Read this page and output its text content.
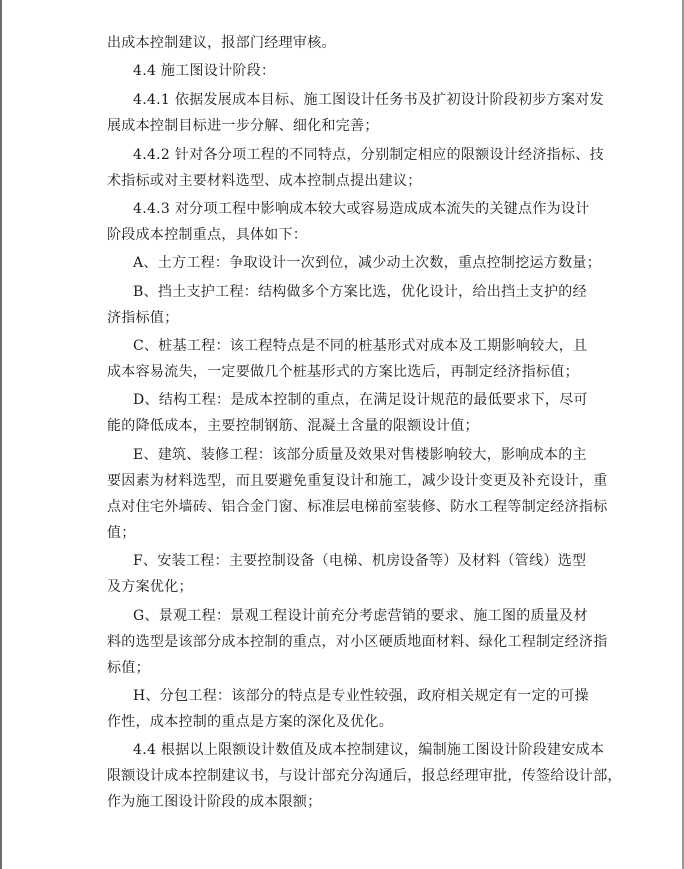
出成本控制建议，报部门经理审核。
4.4 施工图设计阶段：
4.4.1 依据发展成本目标、施工图设计任务书及扩初设计阶段初步方案对发
展成本控制目标进一步分解、细化和完善；
4.4.2 针对各分项工程的不同特点，分别制定相应的限额设计经济指标、技
术指标或对主要材料选型、成本控制点提出建议；
4.4.3 对分项工程中影响成本较大或容易造成成本流失的关键点作为设计
阶段成本控制重点，具体如下：
A、土方工程：争取设计一次到位，减少动土次数，重点控制挖运方数量；
B、挡土支护工程：结构做多个方案比选，优化设计，给出挡土支护的经
济指标值；
C、桩基工程：该工程特点是不同的桩基形式对成本及工期影响较大，且
成本容易流失，一定要做几个桩基形式的方案比选后，再制定经济指标值；
D、结构工程：是成本控制的重点，在满足设计规范的最低要求下，尽可
能的降低成本，主要控制钢筋、混凝土含量的限额设计值；
E、建筑、装修工程：该部分质量及效果对售楼影响较大，影响成本的主
要因素为材料选型，而且要避免重复设计和施工，减少设计变更及补充设计，重
点对住宅外墙砖、铝合金门窗、标准层电梯前室装修、防水工程等制定经济指标
值；
F、安装工程：主要控制设备（电梯、机房设备等）及材料（管线）选型
及方案优化；
G、景观工程：景观工程设计前充分考虑营销的要求、施工图的质量及材
料的选型是该部分成本控制的重点，对小区硬质地面材料、绿化工程制定经济指
标值；
H、分包工程：该部分的特点是专业性较强，政府相关规定有一定的可操
作性，成本控制的重点是方案的深化及优化。
4.4 根据以上限额设计数值及成本控制建议，编制施工图设计阶段建安成本
限额设计成本控制建议书，与设计部充分沟通后，报总经理审批，传签给设计部，
作为施工图设计阶段的成本限额；
